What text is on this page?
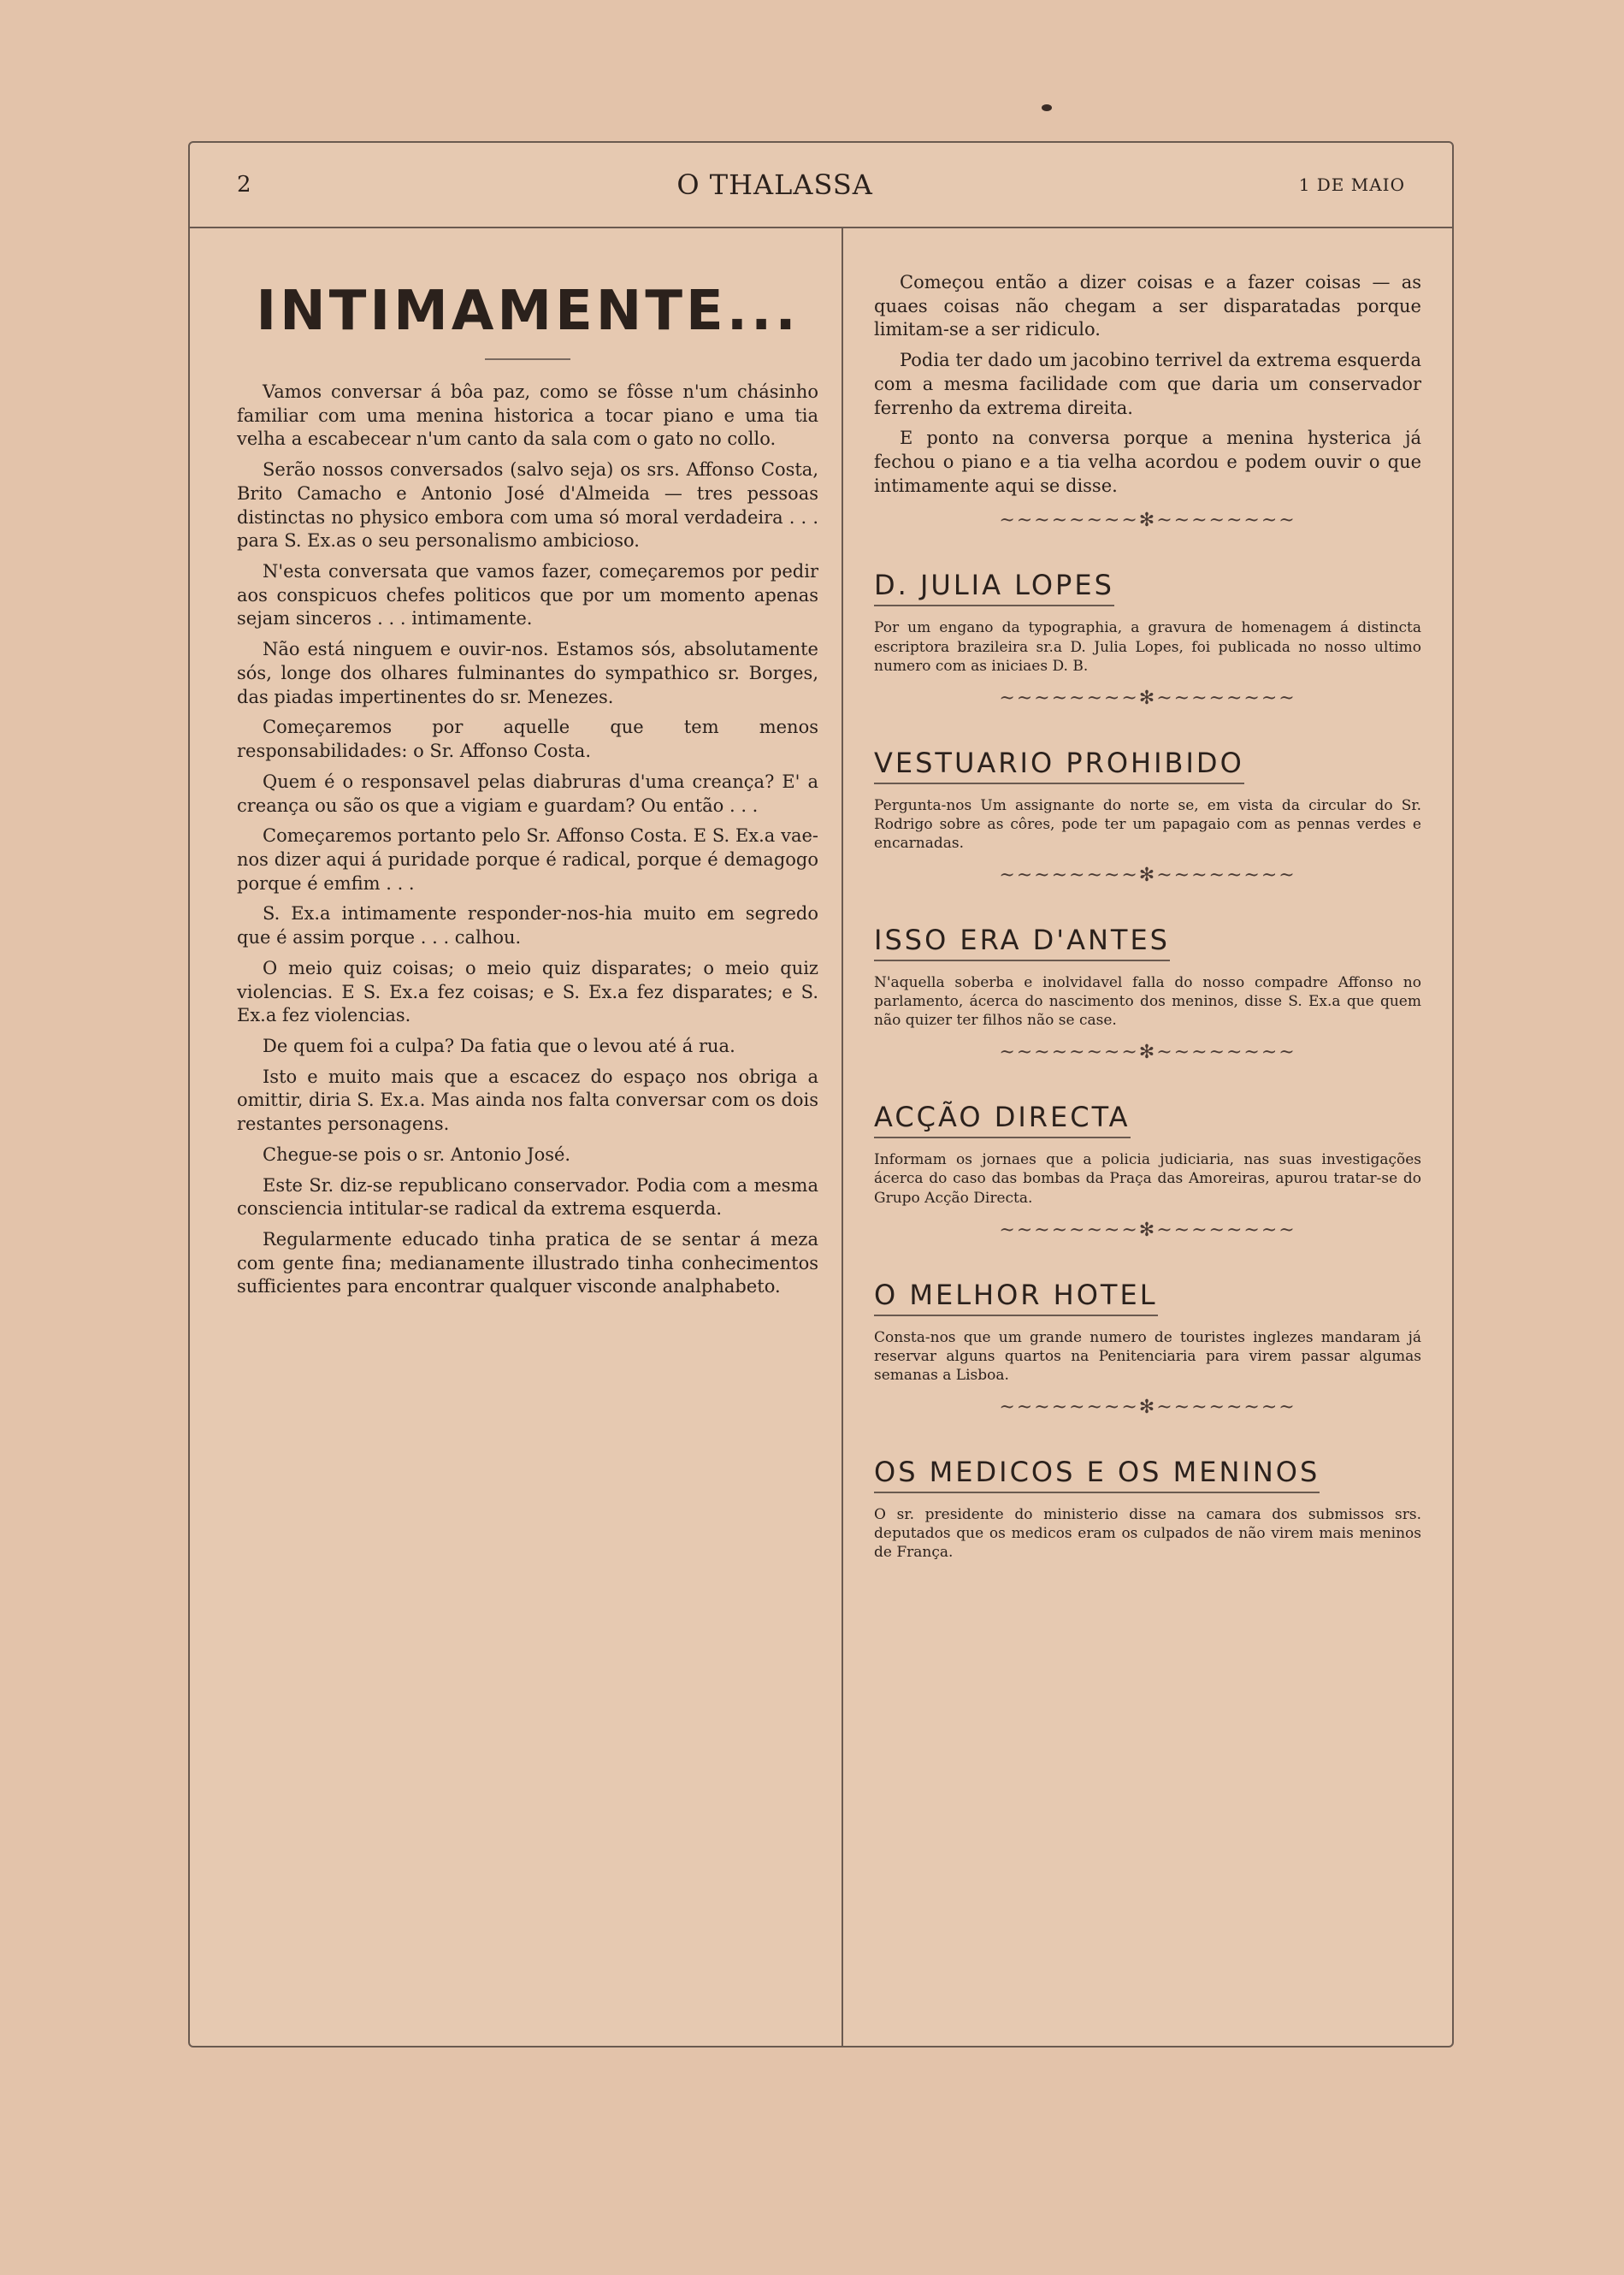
2	O THALASSA	1 DE MAIO
INTIMAMENTE...

Vamos conversar á bôa paz, como se fôsse n'um chásinho familiar com uma menina historica a tocar piano e uma tia velha a escabecear n'um canto da sala com o gato no collo.

Serão nossos conversados (salvo seja) os srs. Affonso Costa, Brito Camacho e Antonio José d'Almeida — tres pessoas distinctas no physico embora com uma só moral verdadeira . . . para S. Ex.as o seu personalismo ambicioso.

N'esta conversata que vamos fazer, começaremos por pedir aos conspicuos chefes politicos que por um momento apenas sejam sinceros . . . intimamente.

Não está ninguem e ouvir-nos. Estamos sós, absolutamente sós, longe dos olhares fulminantes do sympathico sr. Borges, das piadas impertinentes do sr. Menezes.

Começaremos por aquelle que tem menos responsabilidades: o Sr. Affonso Costa.

Quem é o responsavel pelas diabruras d'uma creança? E' a creança ou são os que a vigiam e guardam? Ou então . . .

Começaremos portanto pelo Sr. Affonso Costa. E S. Ex.a vae-nos dizer aqui á puridade porque é radical, porque é demagogo porque é emfim . . .

S. Ex.a intimamente responder-nos-hia muito em segredo que é assim porque . . . calhou.

O meio quiz coisas; o meio quiz disparates; o meio quiz violencias. E S. Ex.a fez coisas; e S. Ex.a fez disparates; e S. Ex.a fez violencias.

De quem foi a culpa? Da fatia que o levou até á rua.

Isto e muito mais que a escacez do espaço nos obriga a omittir, diria S. Ex.a. Mas ainda nos falta conversar com os dois restantes personagens.

Chegue-se pois o sr. Antonio José.

Este Sr. diz-se republicano conservador. Podia com a mesma consciencia intitular-se radical da extrema esquerda.

Regularmente educado tinha pratica de se sentar á meza com gente fina; medianamente illustrado tinha conhecimentos sufficientes para encontrar qualquer visconde analphabeto.

Começou então a dizer coisas e a fazer coisas — as quaes coisas não chegam a ser disparatadas porque limitam-se a ser ridiculo.

Podia ter dado um jacobino terrivel da extrema esquerda com a mesma facilidade com que daria um conservador ferrenho da extrema direita.

E ponto na conversa porque a menina hysterica já fechou o piano e a tia velha acordou e podem ouvir o que intimamente aqui se disse.

~~~~~~~~✻~~~~~~~~
D. JULIA LOPES

Por um engano da typographia, a gravura de homenagem á distincta escriptora brazileira sr.a D. Julia Lopes, foi publicada no nosso ultimo numero com as iniciaes D. B.

~~~~~~~~✻~~~~~~~~
VESTUARIO PROHIBIDO

Pergunta-nos Um assignante do norte se, em vista da circular do Sr. Rodrigo sobre as côres, pode ter um papagaio com as pennas verdes e encarnadas.

~~~~~~~~✻~~~~~~~~
ISSO ERA D'ANTES

N'aquella soberba e inolvidavel falla do nosso compadre Affonso no parlamento, ácerca do nascimento dos meninos, disse S. Ex.a que quem não quizer ter filhos não se case.

~~~~~~~~✻~~~~~~~~
ACÇÃO DIRECTA

Informam os jornaes que a policia judiciaria, nas suas investigações ácerca do caso das bombas da Praça das Amoreiras, apurou tratar-se do Grupo Acção Directa.

~~~~~~~~✻~~~~~~~~
O MELHOR HOTEL

Consta-nos que um grande numero de touristes inglezes mandaram já reservar alguns quartos na Penitenciaria para virem passar algumas semanas a Lisboa.

~~~~~~~~✻~~~~~~~~
OS MEDICOS E OS MENINOS

O sr. presidente do ministerio disse na camara dos submissos srs. deputados que os medicos eram os culpados de não virem mais meninos de França.
